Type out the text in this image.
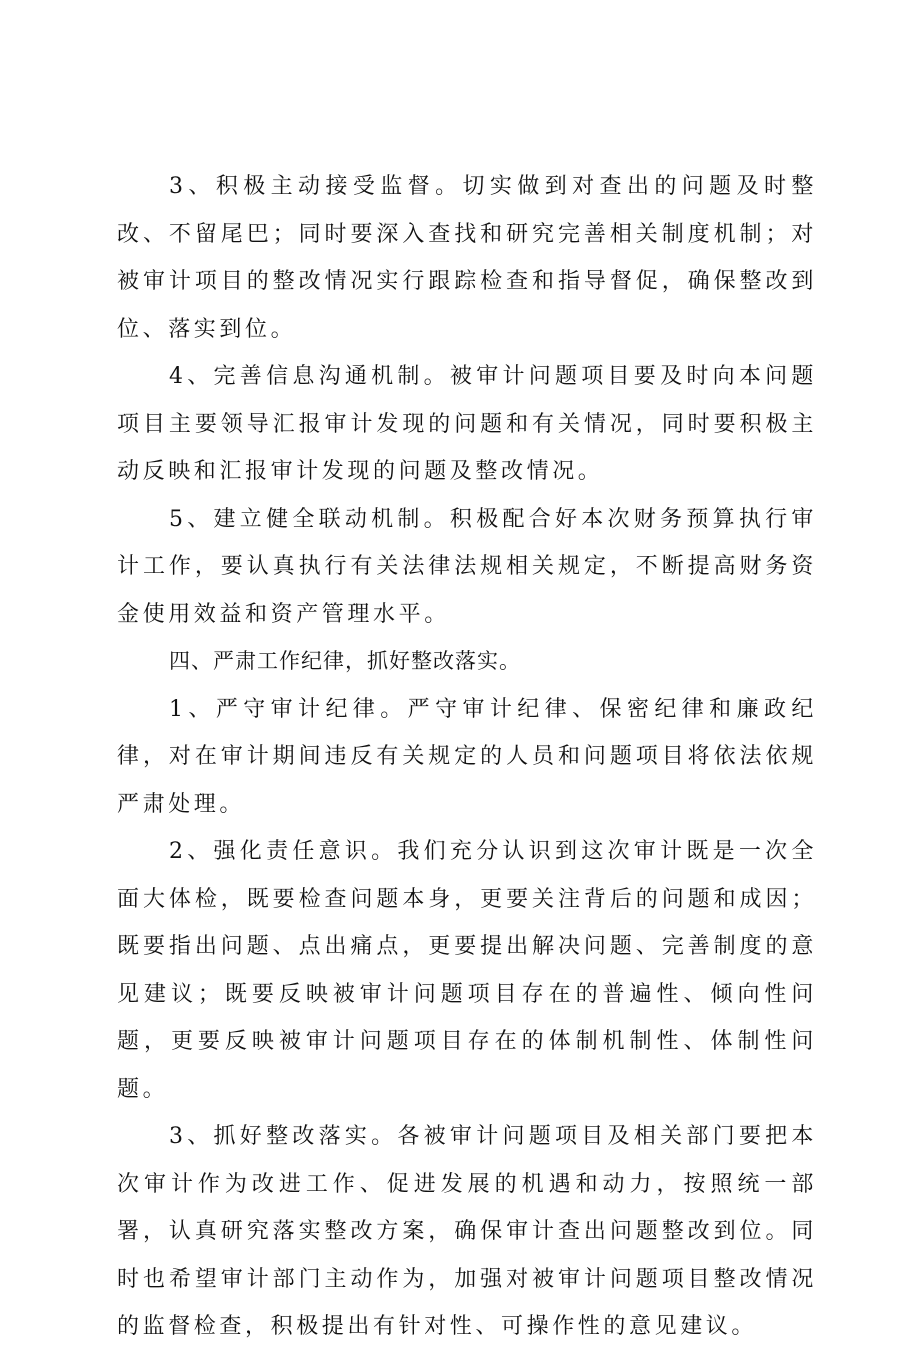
3、积极主动接受监督。切实做到对查出的问题及时整改、不留尾巴；同时要深入查找和研究完善相关制度机制；对被审计项目的整改情况实行跟踪检查和指导督促，确保整改到位、落实到位。

4、完善信息沟通机制。被审计问题项目要及时向本问题项目主要领导汇报审计发现的问题和有关情况，同时要积极主动反映和汇报审计发现的问题及整改情况。

5、建立健全联动机制。积极配合好本次财务预算执行审计工作，要认真执行有关法律法规相关规定，不断提高财务资金使用效益和资产管理水平。

四、严肃工作纪律，抓好整改落实。

1、严守审计纪律。严守审计纪律、保密纪律和廉政纪律，对在审计期间违反有关规定的人员和问题项目将依法依规严肃处理。

2、强化责任意识。我们充分认识到这次审计既是一次全面大体检，既要检查问题本身，更要关注背后的问题和成因；既要指出问题、点出痛点，更要提出解决问题、完善制度的意见建议；既要反映被审计问题项目存在的普遍性、倾向性问题，更要反映被审计问题项目存在的体制机制性、体制性问题。

3、抓好整改落实。各被审计问题项目及相关部门要把本次审计作为改进工作、促进发展的机遇和动力，按照统一部署，认真研究落实整改方案，确保审计查出问题整改到位。同时也希望审计部门主动作为，加强对被审计问题项目整改情况的监督检查，积极提出有针对性、可操作性的意见建议。
